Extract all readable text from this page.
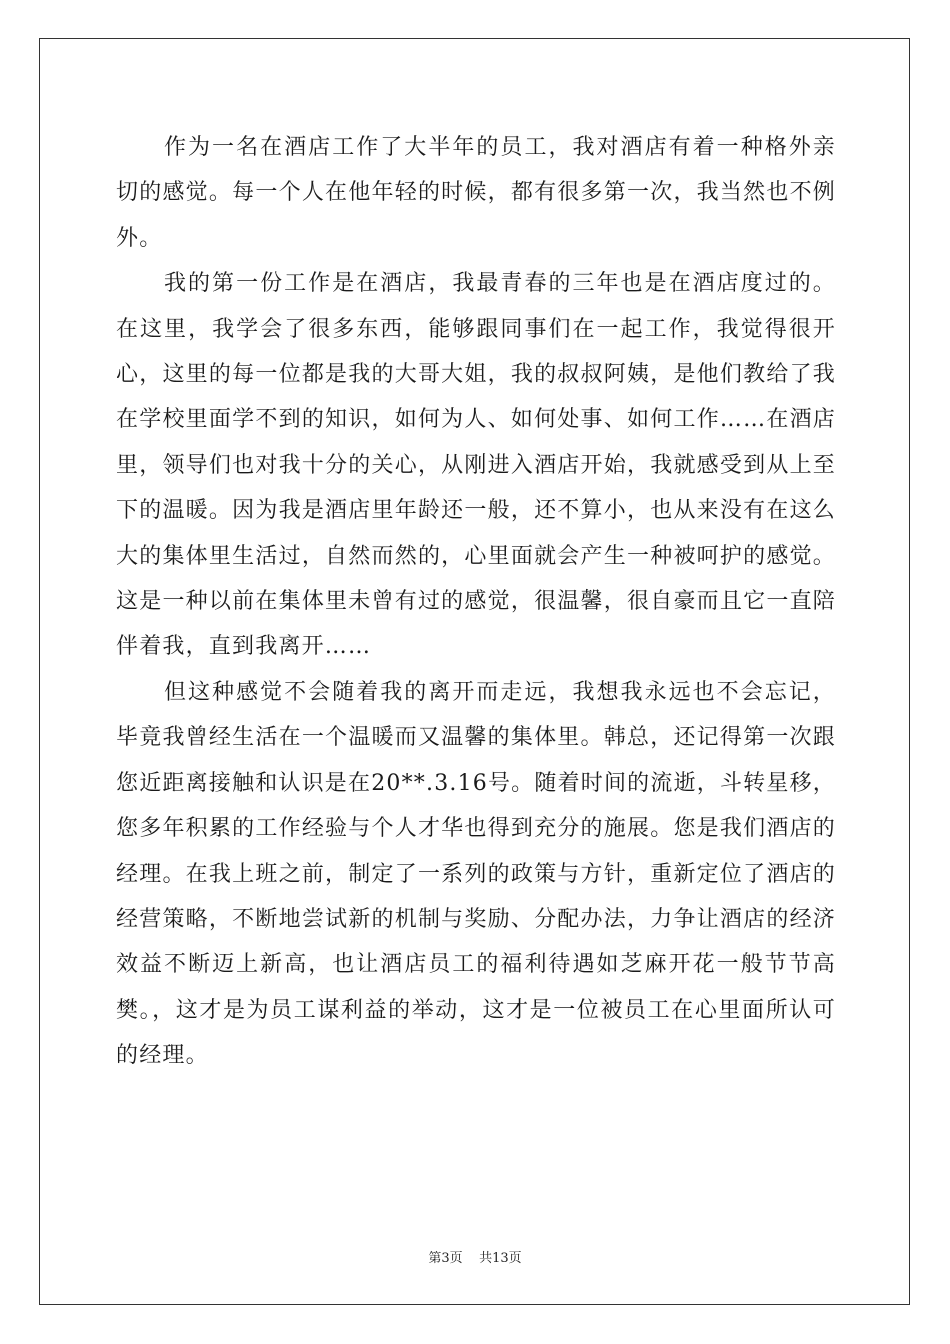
作为一名在酒店工作了大半年的员工，我对酒店有着一种格外亲切的感觉。每一个人在他年轻的时候，都有很多第一次，我当然也不例外。

我的第一份工作是在酒店，我最青春的三年也是在酒店度过的。在这里，我学会了很多东西，能够跟同事们在一起工作，我觉得很开心，这里的每一位都是我的大哥大姐，我的叔叔阿姨，是他们教给了我在学校里面学不到的知识，如何为人、如何处事、如何工作……在酒店里，领导们也对我十分的关心，从刚进入酒店开始，我就感受到从上至下的温暖。因为我是酒店里年龄还一般，还不算小，也从来没有在这么大的集体里生活过，自然而然的，心里面就会产生一种被呵护的感觉。这是一种以前在集体里未曾有过的感觉，很温馨，很自豪而且它一直陪伴着我，直到我离开……

但这种感觉不会随着我的离开而走远，我想我永远也不会忘记，毕竟我曾经生活在一个温暖而又温馨的集体里。韩总，还记得第一次跟您近距离接触和认识是在20**.3.16号。随着时间的流逝，斗转星移，您多年积累的工作经验与个人才华也得到充分的施展。您是我们酒店的经理。在我上班之前，制定了一系列的政策与方针，重新定位了酒店的经营策略，不断地尝试新的机制与奖励、分配办法，力争让酒店的经济效益不断迈上新高，也让酒店员工的福利待遇如芝麻开花一般节节高樊。，这才是为员工谋利益的举动，这才是一位被员工在心里面所认可的经理。

第3页 共13页
